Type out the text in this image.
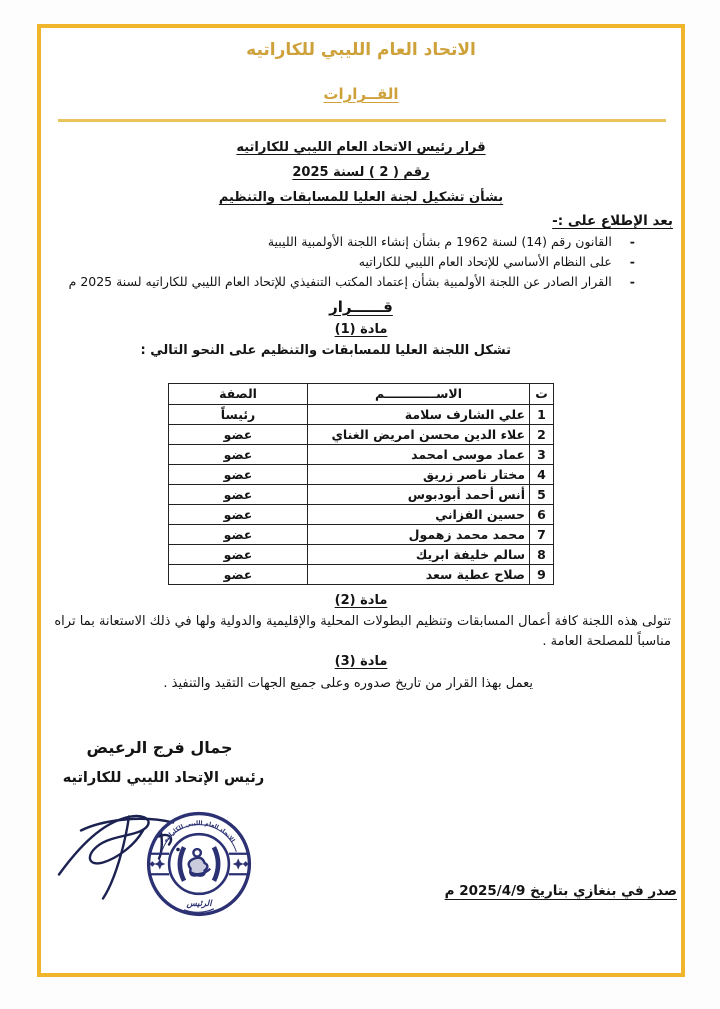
الاتحاد العام الليبي للكاراتيه
القــرارات
قرار رئيس الاتحاد العام الليبي للكاراتيه
رقم ( 2 ) لسنة 2025
بشأن تشكيل لجنة العليا للمسابقات والتنظيم
بعد الإطلاع على :-
-القانون رقم (14) لسنة 1962 م بشأن إنشاء اللجنة الأولمبية الليبية
-على النظام الأساسي للإتحاد العام الليبي للكاراتيه
-القرار الصادر عن اللجنة الأولمبية بشأن إعتماد المكتب التنفيذي للإتحاد العام الليبي للكاراتيه لسنة 2025 م
قــــــرار
مادة (1)
تشكل اللجنة العليا للمسابقات والتنظيم على النحو التالي :
ت	الاســــــــــــم	الصفة
1	علي الشارف سلامة	رئيساً
2	علاء الدين محسن امريض الغناي	عضو
3	عماد موسى امحمد	عضو
4	مختار ناصر زريق	عضو
5	أنس أحمد أبودبوس	عضو
6	حسين الفزاني	عضو
7	محمد محمد زهمول	عضو
8	سالم خليفة ابريك	عضو
9	صلاح عطية سعد	عضو
مادة (2)
تتولى هذه اللجنة كافة أعمال المسابقات وتنظيم البطولات المحلية والإقليمية والدولية ولها في ذلك الاستعانة بما تراه مناسباً للمصلحة العامة .
مادة (3)
يعمل بهذا القرار من تاريخ صدوره وعلى جميع الجهات التقيد والتنفيذ .
جمال فرج الرعيض
رئيس الإتحاد الليبي للكاراتيه
الاتحاد العام الليبي للكاراتيه
الرئيس
صدر في بنغازي بتاريخ 2025/4/9 م
